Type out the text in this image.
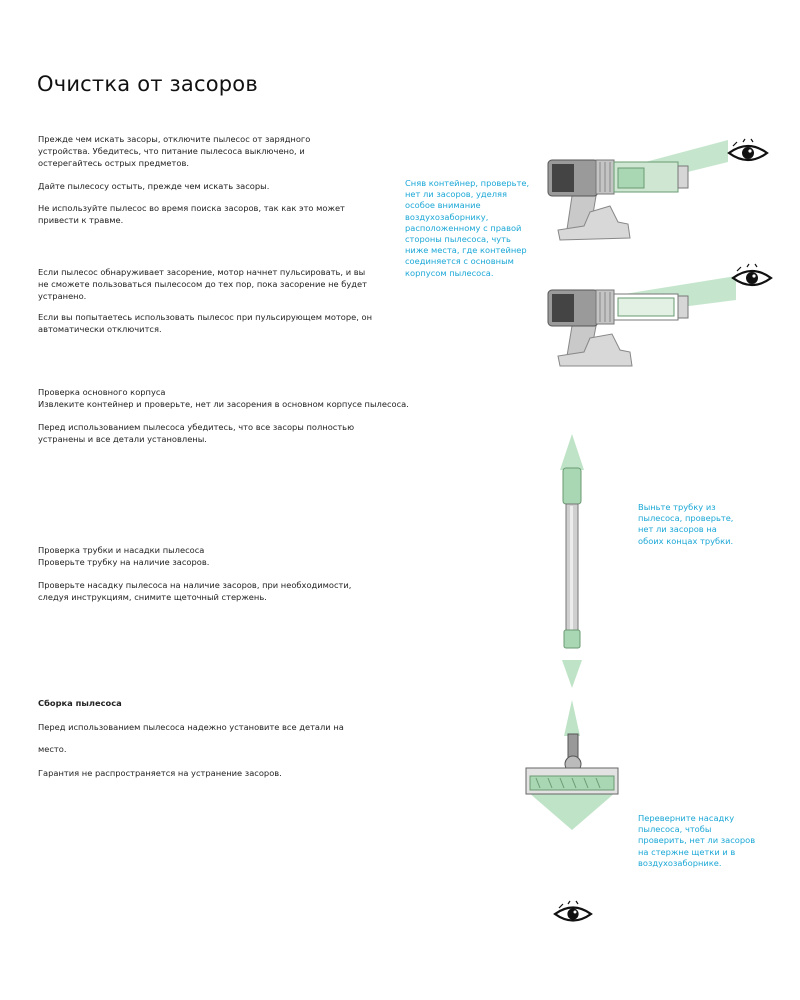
Очистка от засоров

Прежде чем искать засоры, отключите пылесос от зарядного
устройства. Убедитесь, что питание пылесоса выключено, и
остерегайтесь острых предметов.

Дайте пылесосу остыть, прежде чем искать засоры.

Не используйте пылесос во время поиска засоров, так как это может
привести к травме.

Если пылесос обнаруживает засорение, мотор начнет пульсировать, и вы
не сможете пользоваться пылесосом до тех пор, пока засорение не будет
устранено.

Если вы попытаетесь использовать пылесос при пульсирующем моторе, он
автоматически отключится.

Проверка основного корпуса

Извлеките контейнер и проверьте, нет ли засорения в основном корпусе пылесоса.

Перед использованием пылесоса убедитесь, что все засоры полностью
устранены и все детали установлены.

Проверка трубки и насадки пылесоса

Проверьте трубку на наличие засоров.

Проверьте насадку пылесоса на наличие засоров, при необходимости,
следуя инструкциям, снимите щеточный стержень.

Сборка пылесоса

Перед использованием пылесоса надежно установите все детали на

место.

Гарантия не распространяется на устранение засоров.

Сняв контейнер, проверьте,
нет ли засоров, уделяя
особое внимание
воздухозаборнику,
расположенному с правой
стороны пылесоса, чуть
ниже места, где контейнер
соединяется с основным
корпусом пылесоса.

Выньте трубку из
пылесоса, проверьте,
нет ли засоров на
обоих концах трубки.

Переверните насадку
пылесоса, чтобы
проверить, нет ли засоров
на стержне щетки и в
воздухозаборнике.
